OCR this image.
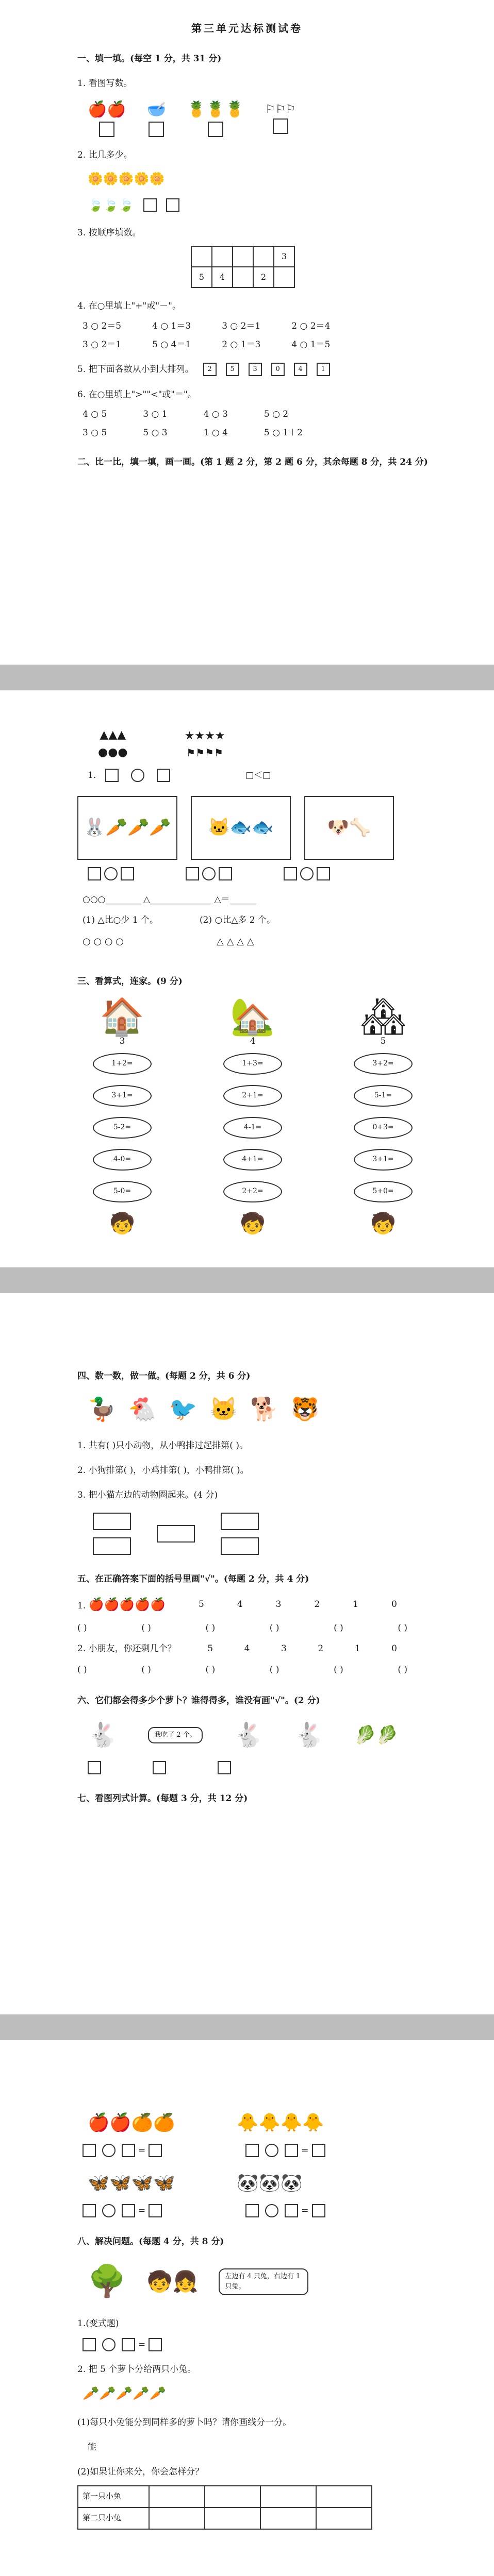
第三单元达标测试卷
一、填一填。(每空 1 分，共 31 分)
1. 看图写数。
🍎🍎 🥣 🍍🍍🍍 ⚐⚐⚐
2. 比几多少。
🌼🌼🌼🌼🌼
🍃🍃🍃
3. 按顺序填数。
				3
5	4		2	
4. 在○里填上"+"或"－"。
3 ○ 2＝5	4 ○ 1＝3	3 ○ 2＝1	2 ○ 2＝4
3 ○ 2＝1	5 ○ 4＝1	2 ○ 1＝3	4 ○ 1＝5
5. 把下面各数从小到大排列。	2	5	3	0	4	1
6. 在○里填上">""<"或"＝"。
4 ○ 5	3 ○ 1	4 ○ 3	5 ○ 2
3 ○ 5	5 ○ 3	1 ○ 4	5 ○ 1＋2
二、比一比，填一填，画一画。(第 1 题 2 分，第 2 题 6 分，其余每题 8 分，共 24 分)
▲▲▲
●●●
★★★★
⚑⚑⚑⚑
1.	□＜□
🐰🥕🥕🥕 🐱🐟🐟	🐶🦴
○○○________ △______________ △＝______
(1) △比○少 1 个。	(2) ○比△多 2 个。
○ ○ ○ ○	△ △ △ △
三、看算式，连家。(9 分)
🏠
3
1+2=
3+1=
5-2=
4-0=
5-0=
🧒
🏡
4
1+3=
2+1=
4-1=
4+1=
2+2=
🧒
🏘
5
3+2=
5-1=
0+3=
3+1=
5+0=
🧒
四、数一数，做一做。(每题 2 分，共 6 分)
🦆 🐔 🐦 🐱 🐕 🐯
1. 共有( )只小动物，从小鸭排过起排第( )。
2. 小狗排第( )，小鸡排第( )，小鸭排第( )。
3. 把小猫左边的动物圈起来。(4 分)
五、在正确答案下面的括号里画"√"。(每题 2 分，共 4 分)
1. 🍎🍎🍎🍎🍎	5	4	3	2	1	0
( )	( )	( )	( )	( )	( )
2. 小朋友，你还剩几个？	5	4	3	2	1	0
( )	( )	( )	( )	( )	( )
六、它们都会得多少个萝卜？谁得得多，谁没有画"√"。(2 分)
🐇	我吃了 2 个。 🐇 🐇 🥬🥬
七、看图列式计算。(每题 3 分，共 12 分)
🍎🍎🍊🍊	🐥🐥🐥🐥
=	=
🦋🦋🦋🦋	🐼🐼🐼
=	=
八、解决问题。(每题 4 分，共 8 分)
🌳 🧒👧	左边有 4 只兔，右边有 1 只兔。
1.(变式题)
=
2. 把 5 个萝卜分给两只小兔。
🥕🥕🥕🥕🥕
(1)每只小兔能分到同样多的萝卜吗？请你画线分一分。
能
(2)如果让你来分，你会怎样分？
第一只小兔				
第二只小兔				
